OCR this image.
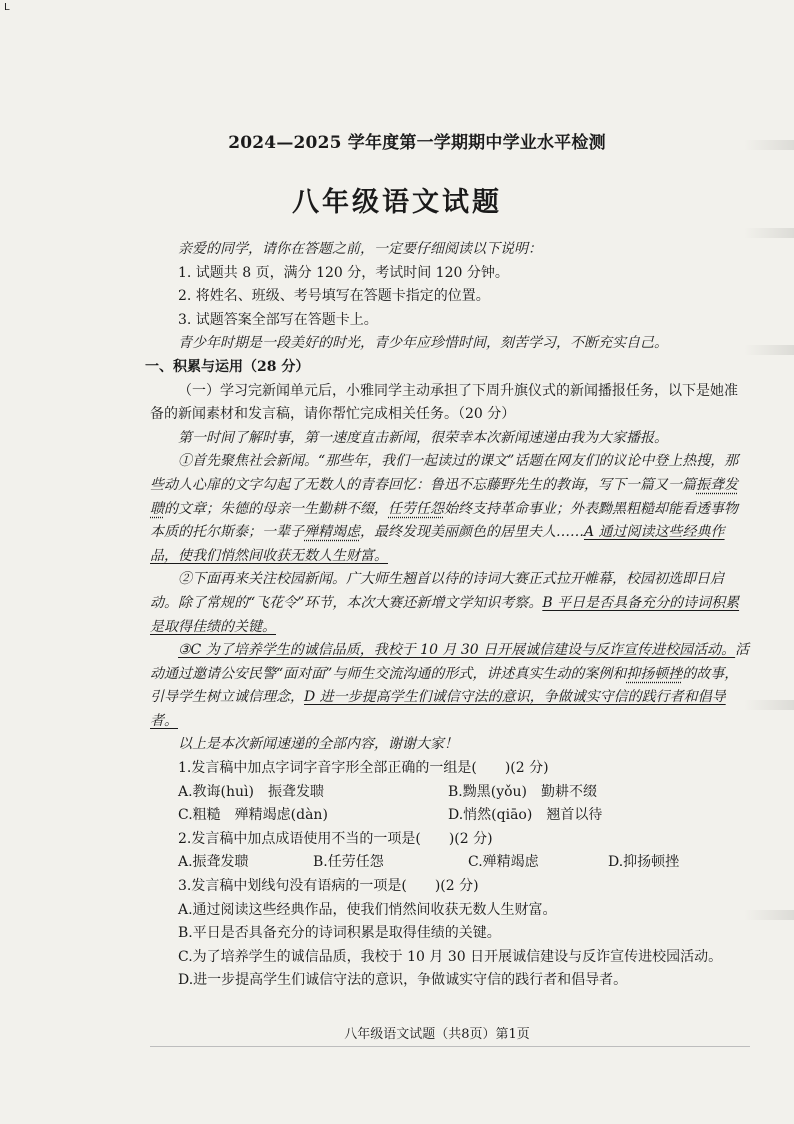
L
2024—2025 学年度第一学期期中学业水平检测
八年级语文试题

亲爱的同学，请你在答题之前，一定要仔细阅读以下说明：

1. 试题共 8 页，满分 120 分，考试时间 120 分钟。

2. 将姓名、班级、考号填写在答题卡指定的位置。

3. 试题答案全部写在答题卡上。

青少年时期是一段美好的时光，青少年应珍惜时间，刻苦学习，不断充实自己。

一、积累与运用（28 分）

（一）学习完新闻单元后，小雅同学主动承担了下周升旗仪式的新闻播报任务，以下是她准备的新闻素材和发言稿，请你帮忙完成相关任务。（20 分）

第一时间了解时事，第一速度直击新闻，很荣幸本次新闻速递由我为大家播报。

①首先聚焦社会新闻。“那些年，我们一起读过的课文”话题在网友们的议论中登上热搜，那些动人心扉的文字勾起了无数人的青春回忆：鲁迅不忘藤野先生的教诲，写下一篇又一篇振聋发聩的文章；朱德的母亲一生勤耕不缀，任劳任怨始终支持革命事业；外表黝黑粗糙却能看透事物本质的托尔斯泰；一辈子殚精竭虑，最终发现美丽颜色的居里夫人……A 通过阅读这些经典作品，使我们悄然间收获无数人生财富。

②下面再来关注校园新闻。广大师生翘首以待的诗词大赛正式拉开帷幕，校园初选即日启动。除了常规的“飞花令”环节，本次大赛还新增文学知识考察。B 平日是否具备充分的诗词积累是取得佳绩的关键。

③C 为了培养学生的诚信品质，我校于 10 月 30 日开展诚信建设与反诈宣传进校园活动。活动通过邀请公安民警“面对面”与师生交流沟通的形式，讲述真实生动的案例和抑扬顿挫的故事，引导学生树立诚信理念，D 进一步提高学生们诚信守法的意识，争做诚实守信的践行者和倡导者。

以上是本次新闻速递的全部内容，谢谢大家！

1.发言稿中加点字词字音字形全部正确的一组是(　　)(2 分)

A.教诲(huì)　振聋发聩	B.黝黑(yǒu)　勤耕不缀
C.粗糙　殚精竭虑(dàn)	D.悄然(qiāo)　翘首以待

2.发言稿中加点成语使用不当的一项是(　　)(2 分)

A.振聋发聩	B.任劳任怨	C.殚精竭虑	D.抑扬顿挫

3.发言稿中划线句没有语病的一项是(　　)(2 分)

A.通过阅读这些经典作品，使我们悄然间收获无数人生财富。

B.平日是否具备充分的诗词积累是取得佳绩的关键。

C.为了培养学生的诚信品质，我校于 10 月 30 日开展诚信建设与反诈宣传进校园活动。

D.进一步提高学生们诚信守法的意识，争做诚实守信的践行者和倡导者。

八年级语文试题（共8页）第1页
